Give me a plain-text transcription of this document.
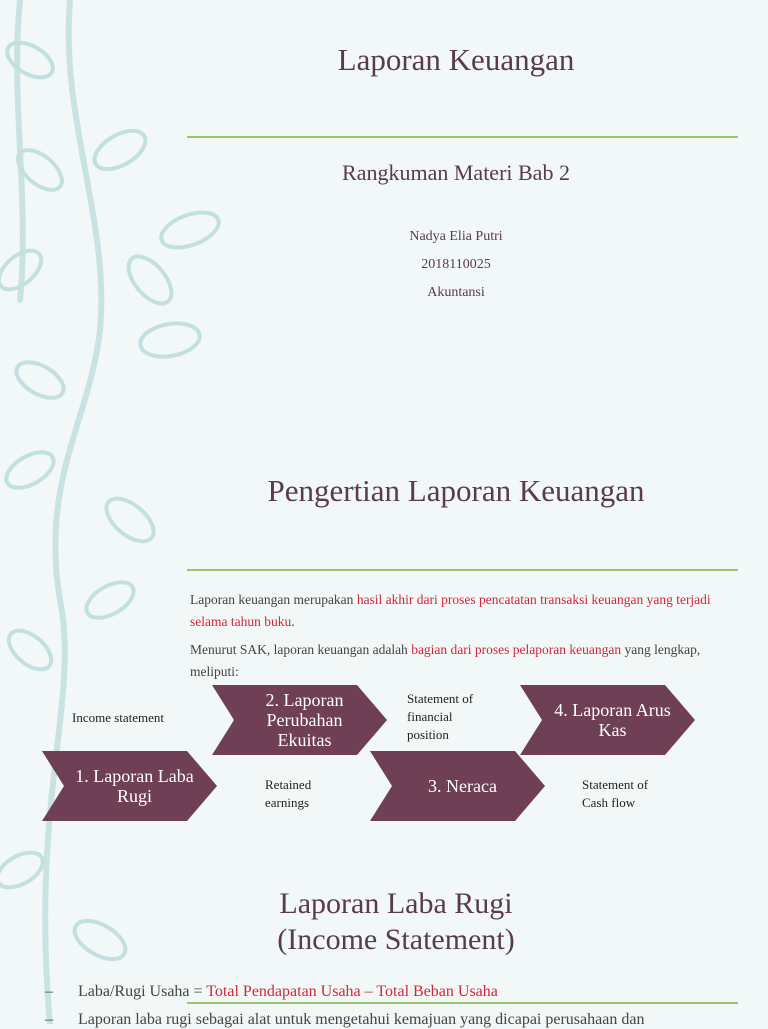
Laporan Keuangan
Rangkuman Materi Bab 2
Nadya Elia Putri
2018110025
Akuntansi
Pengertian Laporan Keuangan
Laporan keuangan merupakan hasil akhir dari proses pencatatan transaksi keuangan yang terjadi selama tahun buku.
Menurut SAK, laporan keuangan adalah bagian dari proses pelaporan keuangan yang lengkap, meliputi:
1. Laporan Laba Rugi
2. Laporan Perubahan Ekuitas
3. Neraca
4. Laporan Arus Kas
Income statement
Retained earnings
Statement of financial position
Statement of Cash flow
Laporan Laba Rugi
(Income Statement)
– Laba/Rugi Usaha = Total Pendapatan Usaha – Total Beban Usaha
– Laporan laba rugi sebagai alat untuk mengetahui kemajuan yang dicapai perusahaan dan
